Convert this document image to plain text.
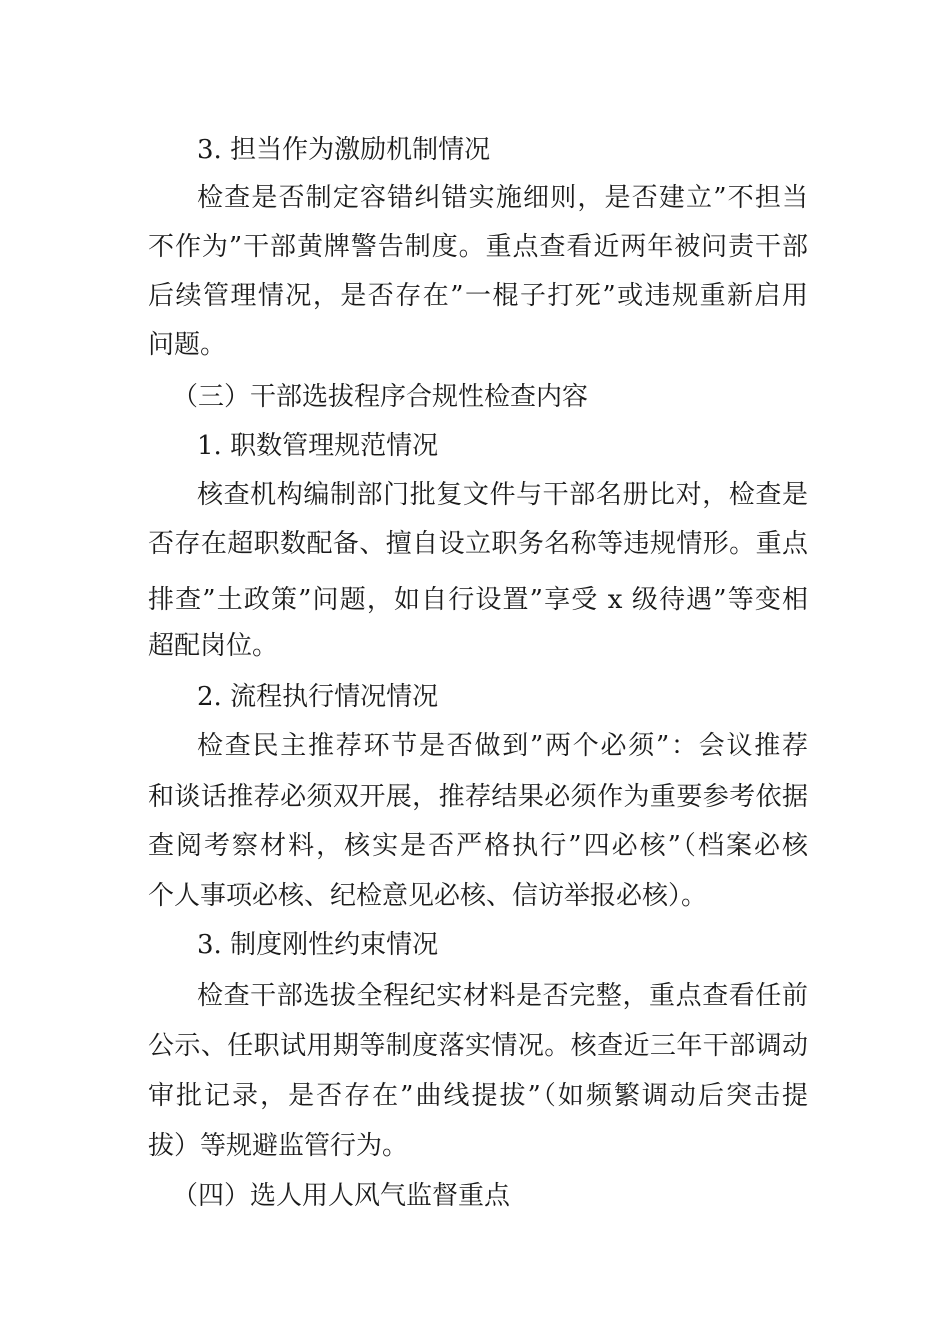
3. 担当作为激励机制情况
检查是否制定容错纠错实施细则，是否建立”不担当
不作为”干部黄牌警告制度。重点查看近两年被问责干部
后续管理情况，是否存在”一棍子打死”或违规重新启用
问题。
（三）干部选拔程序合规性检查内容
1. 职数管理规范情况
核查机构编制部门批复文件与干部名册比对，检查是
否存在超职数配备、擅自设立职务名称等违规情形。重点
排查”土政策”问题，如自行设置”享受 x 级待遇”等变相
超配岗位。
2. 流程执行情况情况
检查民主推荐环节是否做到”两个必须”：会议推荐
和谈话推荐必须双开展，推荐结果必须作为重要参考依据
查阅考察材料，核实是否严格执行”四必核”（档案必核
个人事项必核、纪检意见必核、信访举报必核）。
3. 制度刚性约束情况
检查干部选拔全程纪实材料是否完整，重点查看任前
公示、任职试用期等制度落实情况。核查近三年干部调动
审批记录，是否存在”曲线提拔”（如频繁调动后突击提
拔）等规避监管行为。
（四）选人用人风气监督重点
